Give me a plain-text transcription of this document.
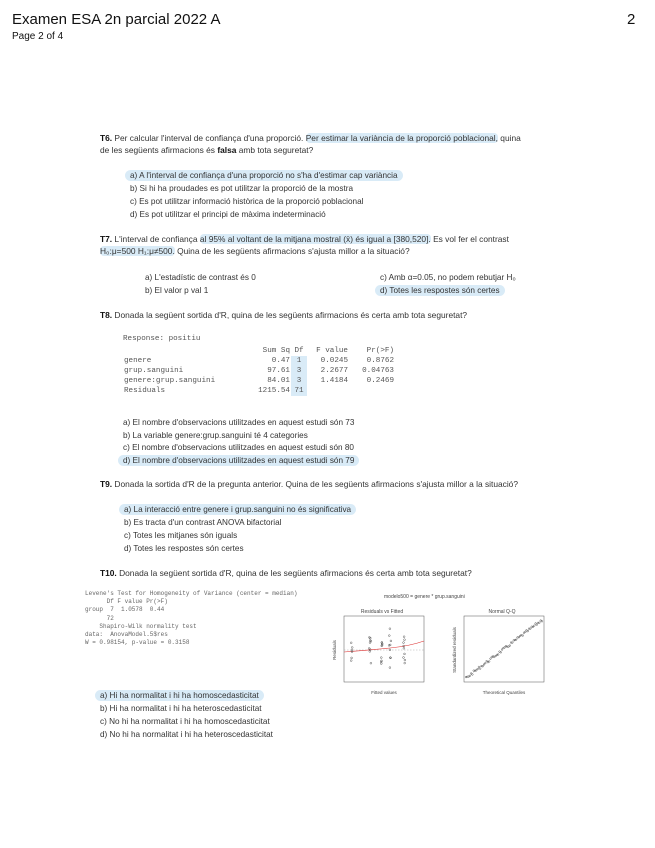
Examen ESA 2n parcial 2022 A
Page 2 of 4
2
T6. Per calcular l'interval de confiança d'una proporció. Per estimar la variància de la proporció poblacional, quina
de les següents afirmacions és falsa amb tota seguretat?
a) A l'interval de confiança d'una proporció no s'ha d'estimar cap variància
b) Si hi ha proudades es pot utilitzar la proporció de la mostra
c) Es pot utilitzar informació històrica de la proporció poblacional
d) Es pot utilitzar el principi de màxima indeterminació
T7. L'interval de confiança al 95% al voltant de la mitjana mostral (x̄) és igual a [380,520]. Es vol fer el contrast
H₀:μ=500 H₁:μ≠500. Quina de les següents afirmacions s'ajusta millor a la situació?
a) L'estadístic de contrast és 0
b) El valor p val 1
c) Amb α=0.05, no podem rebutjar H₀
d) Totes les respostes són certes
T8. Donada la següent sortida d'R, quina de les següents afirmacions és certa amb tota seguretat?
Response: positiu
	Sum Sq	Df	F value	Pr(>F)
genere	0.47	1	0.0245	0.8762
grup.sanguini	97.61	3	2.2677	0.04763
genere:grup.sanguini	84.01	3	1.4184	0.2469
Residuals	1215.54	71		
a) El nombre d'observacions utilitzades en aquest estudi són 73
b) La variable genere:grup.sanguini té 4 categories
c) El nombre d'observacions utilitzades en aquest estudi són 80
d) El nombre d'observacions utilitzades en aquest estudi són 79
T9. Donada la sortida d'R de la pregunta anterior. Quina de les següents afirmacions s'ajusta millor a la situació?
a) La interacció entre genere i grup.sanguini no és significativa
b) Es tracta d'un contrast ANOVA bifactorial
c) Totes les mitjanes són iguals
d) Totes les respostes són certes
T10. Donada la següent sortida d'R, quina de les següents afirmacions és certa amb tota seguretat?
Levene's Test for Homogeneity of Variance (center = median)
Df F value Pr(>F)
group  7  1.0578  0.44
72
Shapiro-Wilk normality test
data:  AnovaModel.5$res
W = 0.98154, p-value = 0.3158
modelo500 = genere * grup.sanguini
Residuals vs Fitted
Fitted values
Residuals
Normal Q-Q
Theoretical Quantiles
Standardized residuals
a) Hi ha normalitat i hi ha homoscedasticitat
b) Hi ha normalitat i hi ha heteroscedasticitat
c) No hi ha normalitat i hi ha homoscedasticitat
d) No hi ha normalitat i hi ha heteroscedasticitat
